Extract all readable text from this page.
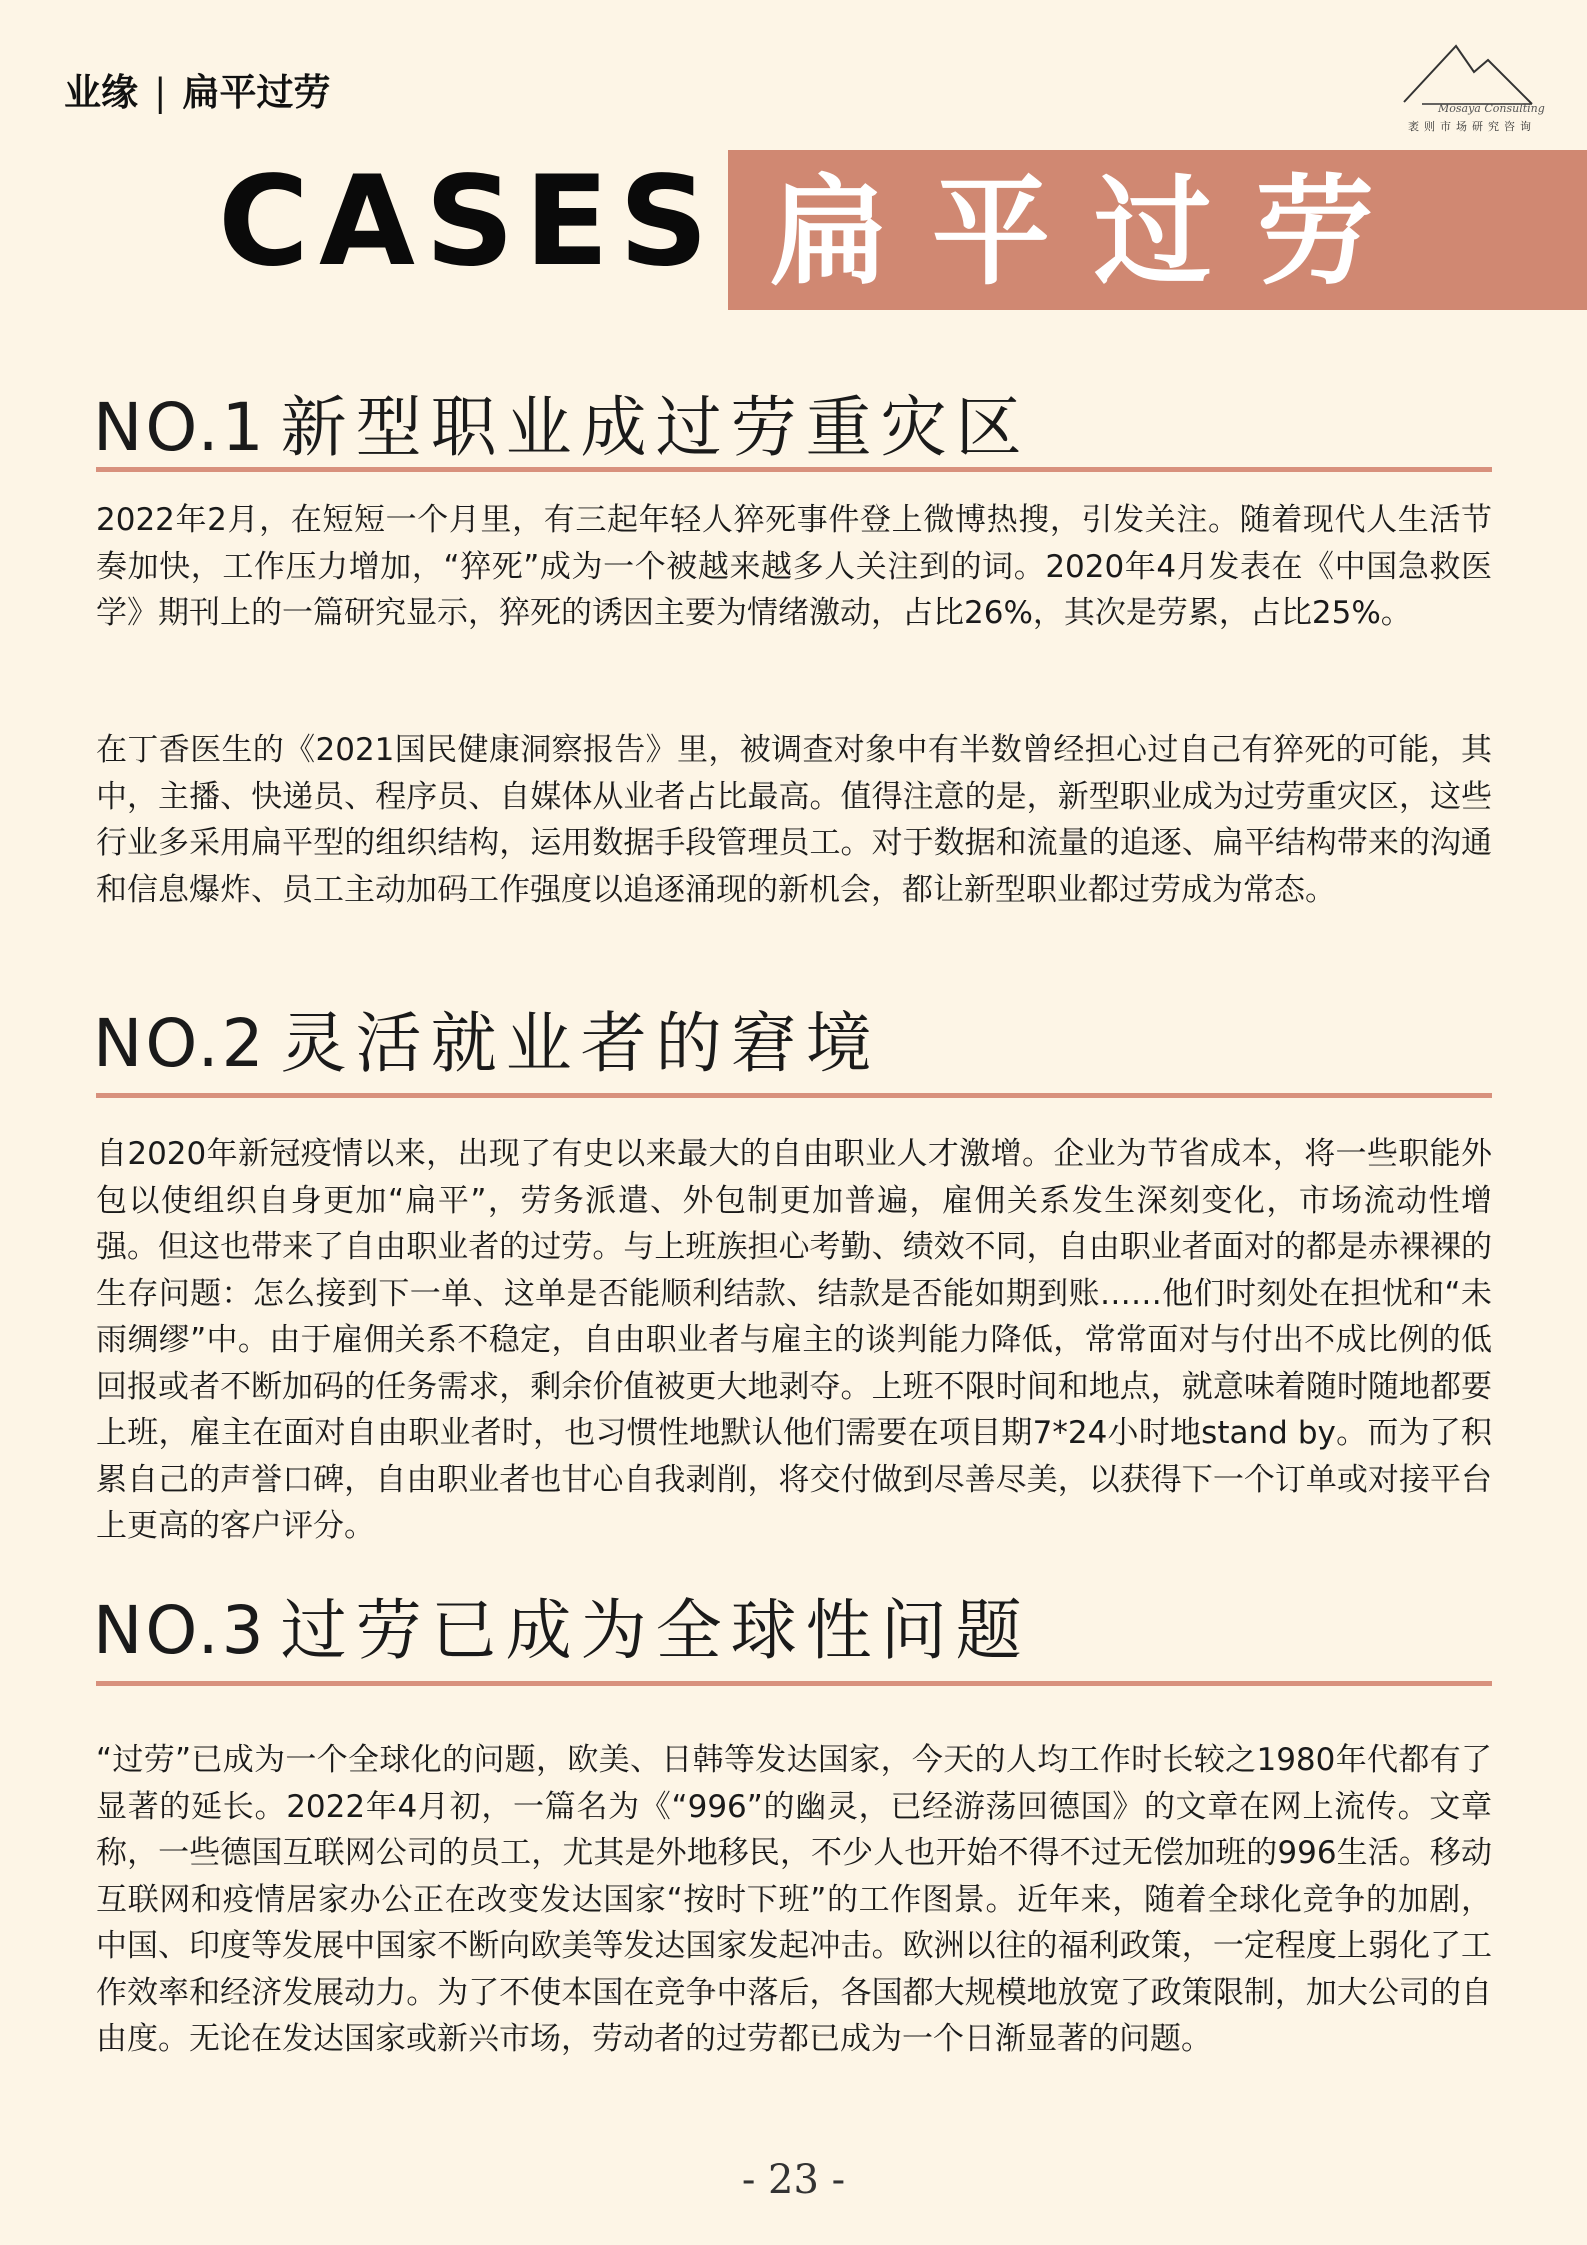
业缘 | 扁平过劳	Mosaya Consulting
袤则市场研究咨询
CASES 扁平过劳
NO.1 新型职业成过劳重灾区
2022年2月，在短短一个月里，有三起年轻人猝死事件登上微博热搜，引发关注。随着现代人生活节奏加快，工作压力增加，“猝死”成为一个被越来越多人关注到的词。2020年4月发表在《中国急救医学》期刊上的一篇研究显示，猝死的诱因主要为情绪激动，占比26%，其次是劳累，占比25%。
在丁香医生的《2021国民健康洞察报告》里，被调查对象中有半数曾经担心过自己有猝死的可能，其中，主播、快递员、程序员、自媒体从业者占比最高。值得注意的是，新型职业成为过劳重灾区，这些行业多采用扁平型的组织结构，运用数据手段管理员工。对于数据和流量的追逐、扁平结构带来的沟通和信息爆炸、员工主动加码工作强度以追逐涌现的新机会，都让新型职业都过劳成为常态。
NO.2 灵活就业者的窘境
自2020年新冠疫情以来，出现了有史以来最大的自由职业人才激增。企业为节省成本，将一些职能外包以使组织自身更加“扁平”，劳务派遣、外包制更加普遍，雇佣关系发生深刻变化，市场流动性增强。但这也带来了自由职业者的过劳。与上班族担心考勤、绩效不同，自由职业者面对的都是赤裸裸的生存问题：怎么接到下一单、这单是否能顺利结款、结款是否能如期到账……他们时刻处在担忧和“未雨绸缪”中。由于雇佣关系不稳定，自由职业者与雇主的谈判能力降低，常常面对与付出不成比例的低回报或者不断加码的任务需求，剩余价值被更大地剥夺。上班不限时间和地点，就意味着随时随地都要上班，雇主在面对自由职业者时，也习惯性地默认他们需要在项目期7*24小时地stand by。而为了积累自己的声誉口碑，自由职业者也甘心自我剥削，将交付做到尽善尽美，以获得下一个订单或对接平台上更高的客户评分。
NO.3 过劳已成为全球性问题
“过劳”已成为一个全球化的问题，欧美、日韩等发达国家，今天的人均工作时长较之1980年代都有了显著的延长。2022年4月初，一篇名为《“996”的幽灵，已经游荡回德国》的文章在网上流传。文章称，一些德国互联网公司的员工，尤其是外地移民，不少人也开始不得不过无偿加班的996生活。移动互联网和疫情居家办公正在改变发达国家“按时下班”的工作图景。近年来，随着全球化竞争的加剧，中国、印度等发展中国家不断向欧美等发达国家发起冲击。欧洲以往的福利政策，一定程度上弱化了工作效率和经济发展动力。为了不使本国在竞争中落后，各国都大规模地放宽了政策限制，加大公司的自由度。无论在发达国家或新兴市场，劳动者的过劳都已成为一个日渐显著的问题。
- 23 -
